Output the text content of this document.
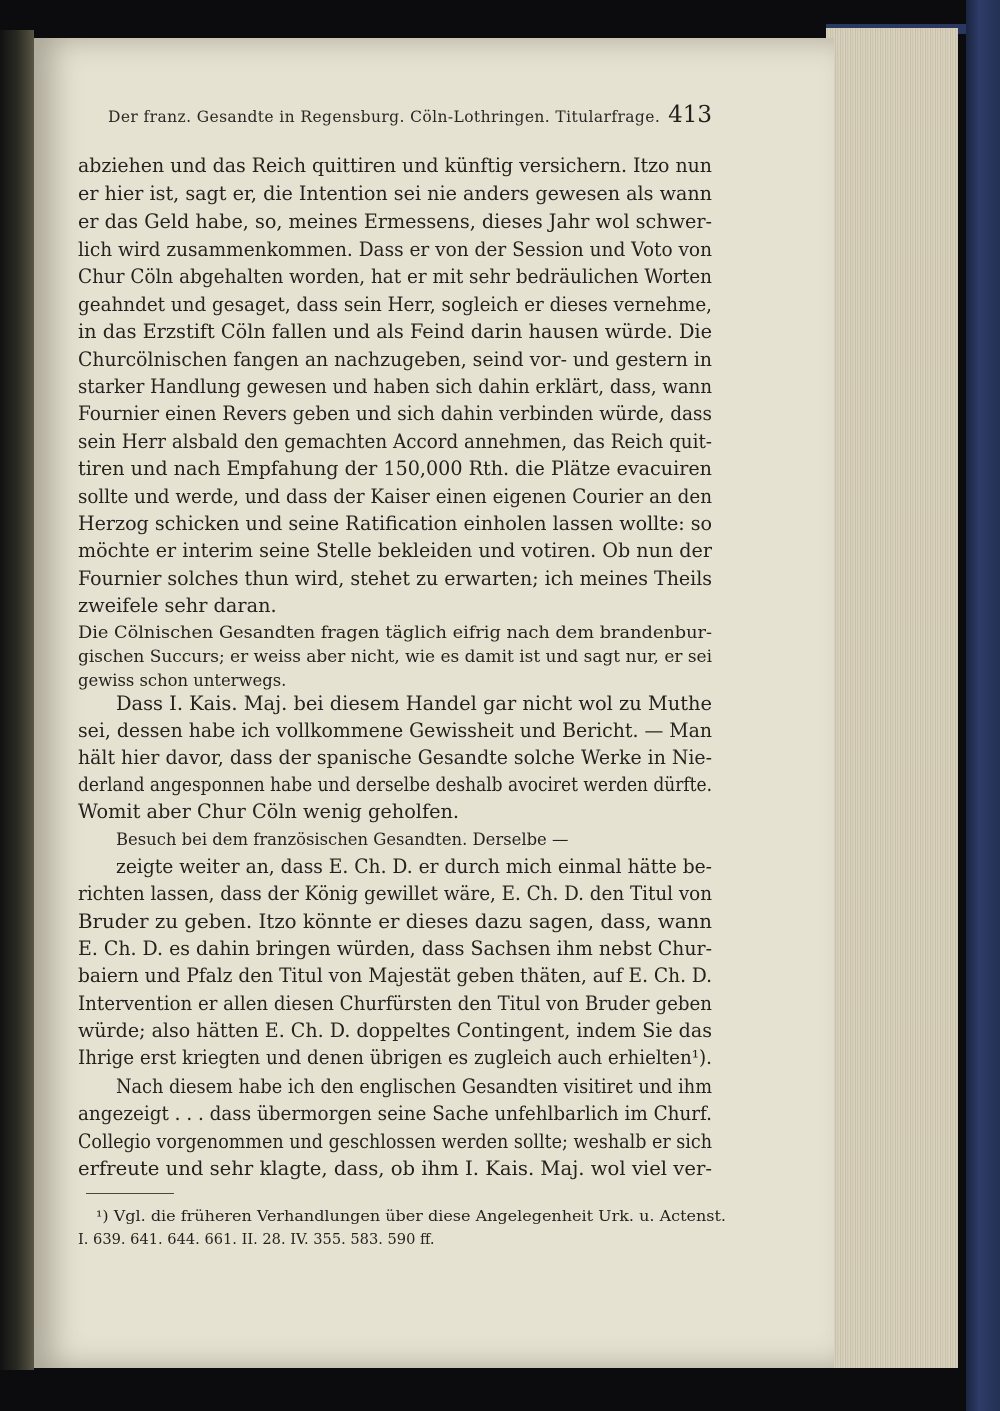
Der franz. Gesandte in Regensburg. Cöln-Lothringen. Titularfrage. 413
abziehen und das Reich quittiren und künftig versichern. Itzo nun
er hier ist, sagt er, die Intention sei nie anders gewesen als wann
er das Geld habe, so, meines Ermessens, dieses Jahr wol schwer-
lich wird zusammenkommen. Dass er von der Session und Voto von
Chur Cöln abgehalten worden, hat er mit sehr bedräulichen Worten
geahndet und gesaget, dass sein Herr, sogleich er dieses vernehme,
in das Erzstift Cöln fallen und als Feind darin hausen würde. Die
Churcölnischen fangen an nachzugeben, seind vor- und gestern in
starker Handlung gewesen und haben sich dahin erklärt, dass, wann
Fournier einen Revers geben und sich dahin verbinden würde, dass
sein Herr alsbald den gemachten Accord annehmen, das Reich quit-
tiren und nach Empfahung der 150,000 Rth. die Plätze evacuiren
sollte und werde, und dass der Kaiser einen eigenen Courier an den
Herzog schicken und seine Ratification einholen lassen wollte: so
möchte er interim seine Stelle bekleiden und votiren. Ob nun der
Fournier solches thun wird, stehet zu erwarten; ich meines Theils
zweifele sehr daran.
Die Cölnischen Gesandten fragen täglich eifrig nach dem brandenbur-
gischen Succurs; er weiss aber nicht, wie es damit ist und sagt nur, er sei
gewiss schon unterwegs.
Dass I. Kais. Maj. bei diesem Handel gar nicht wol zu Muthe
sei, dessen habe ich vollkommene Gewissheit und Bericht. — Man
hält hier davor, dass der spanische Gesandte solche Werke in Nie-
derland angesponnen habe und derselbe deshalb avociret werden dürfte.
Womit aber Chur Cöln wenig geholfen.
Besuch bei dem französischen Gesandten. Derselbe —
zeigte weiter an, dass E. Ch. D. er durch mich einmal hätte be-
richten lassen, dass der König gewillet wäre, E. Ch. D. den Titul von
Bruder zu geben. Itzo könnte er dieses dazu sagen, dass, wann
E. Ch. D. es dahin bringen würden, dass Sachsen ihm nebst Chur-
baiern und Pfalz den Titul von Majestät geben thäten, auf E. Ch. D.
Intervention er allen diesen Churfürsten den Titul von Bruder geben
würde; also hätten E. Ch. D. doppeltes Contingent, indem Sie das
Ihrige erst kriegten und denen übrigen es zugleich auch erhielten¹).
Nach diesem habe ich den englischen Gesandten visitiret und ihm
angezeigt . . . dass übermorgen seine Sache unfehlbarlich im Churf.
Collegio vorgenommen und geschlossen werden sollte; weshalb er sich
erfreute und sehr klagte, dass, ob ihm I. Kais. Maj. wol viel ver-
¹) Vgl. die früheren Verhandlungen über diese Angelegenheit Urk. u. Actenst.
I. 639. 641. 644. 661. II. 28. IV. 355. 583. 590 ff.
